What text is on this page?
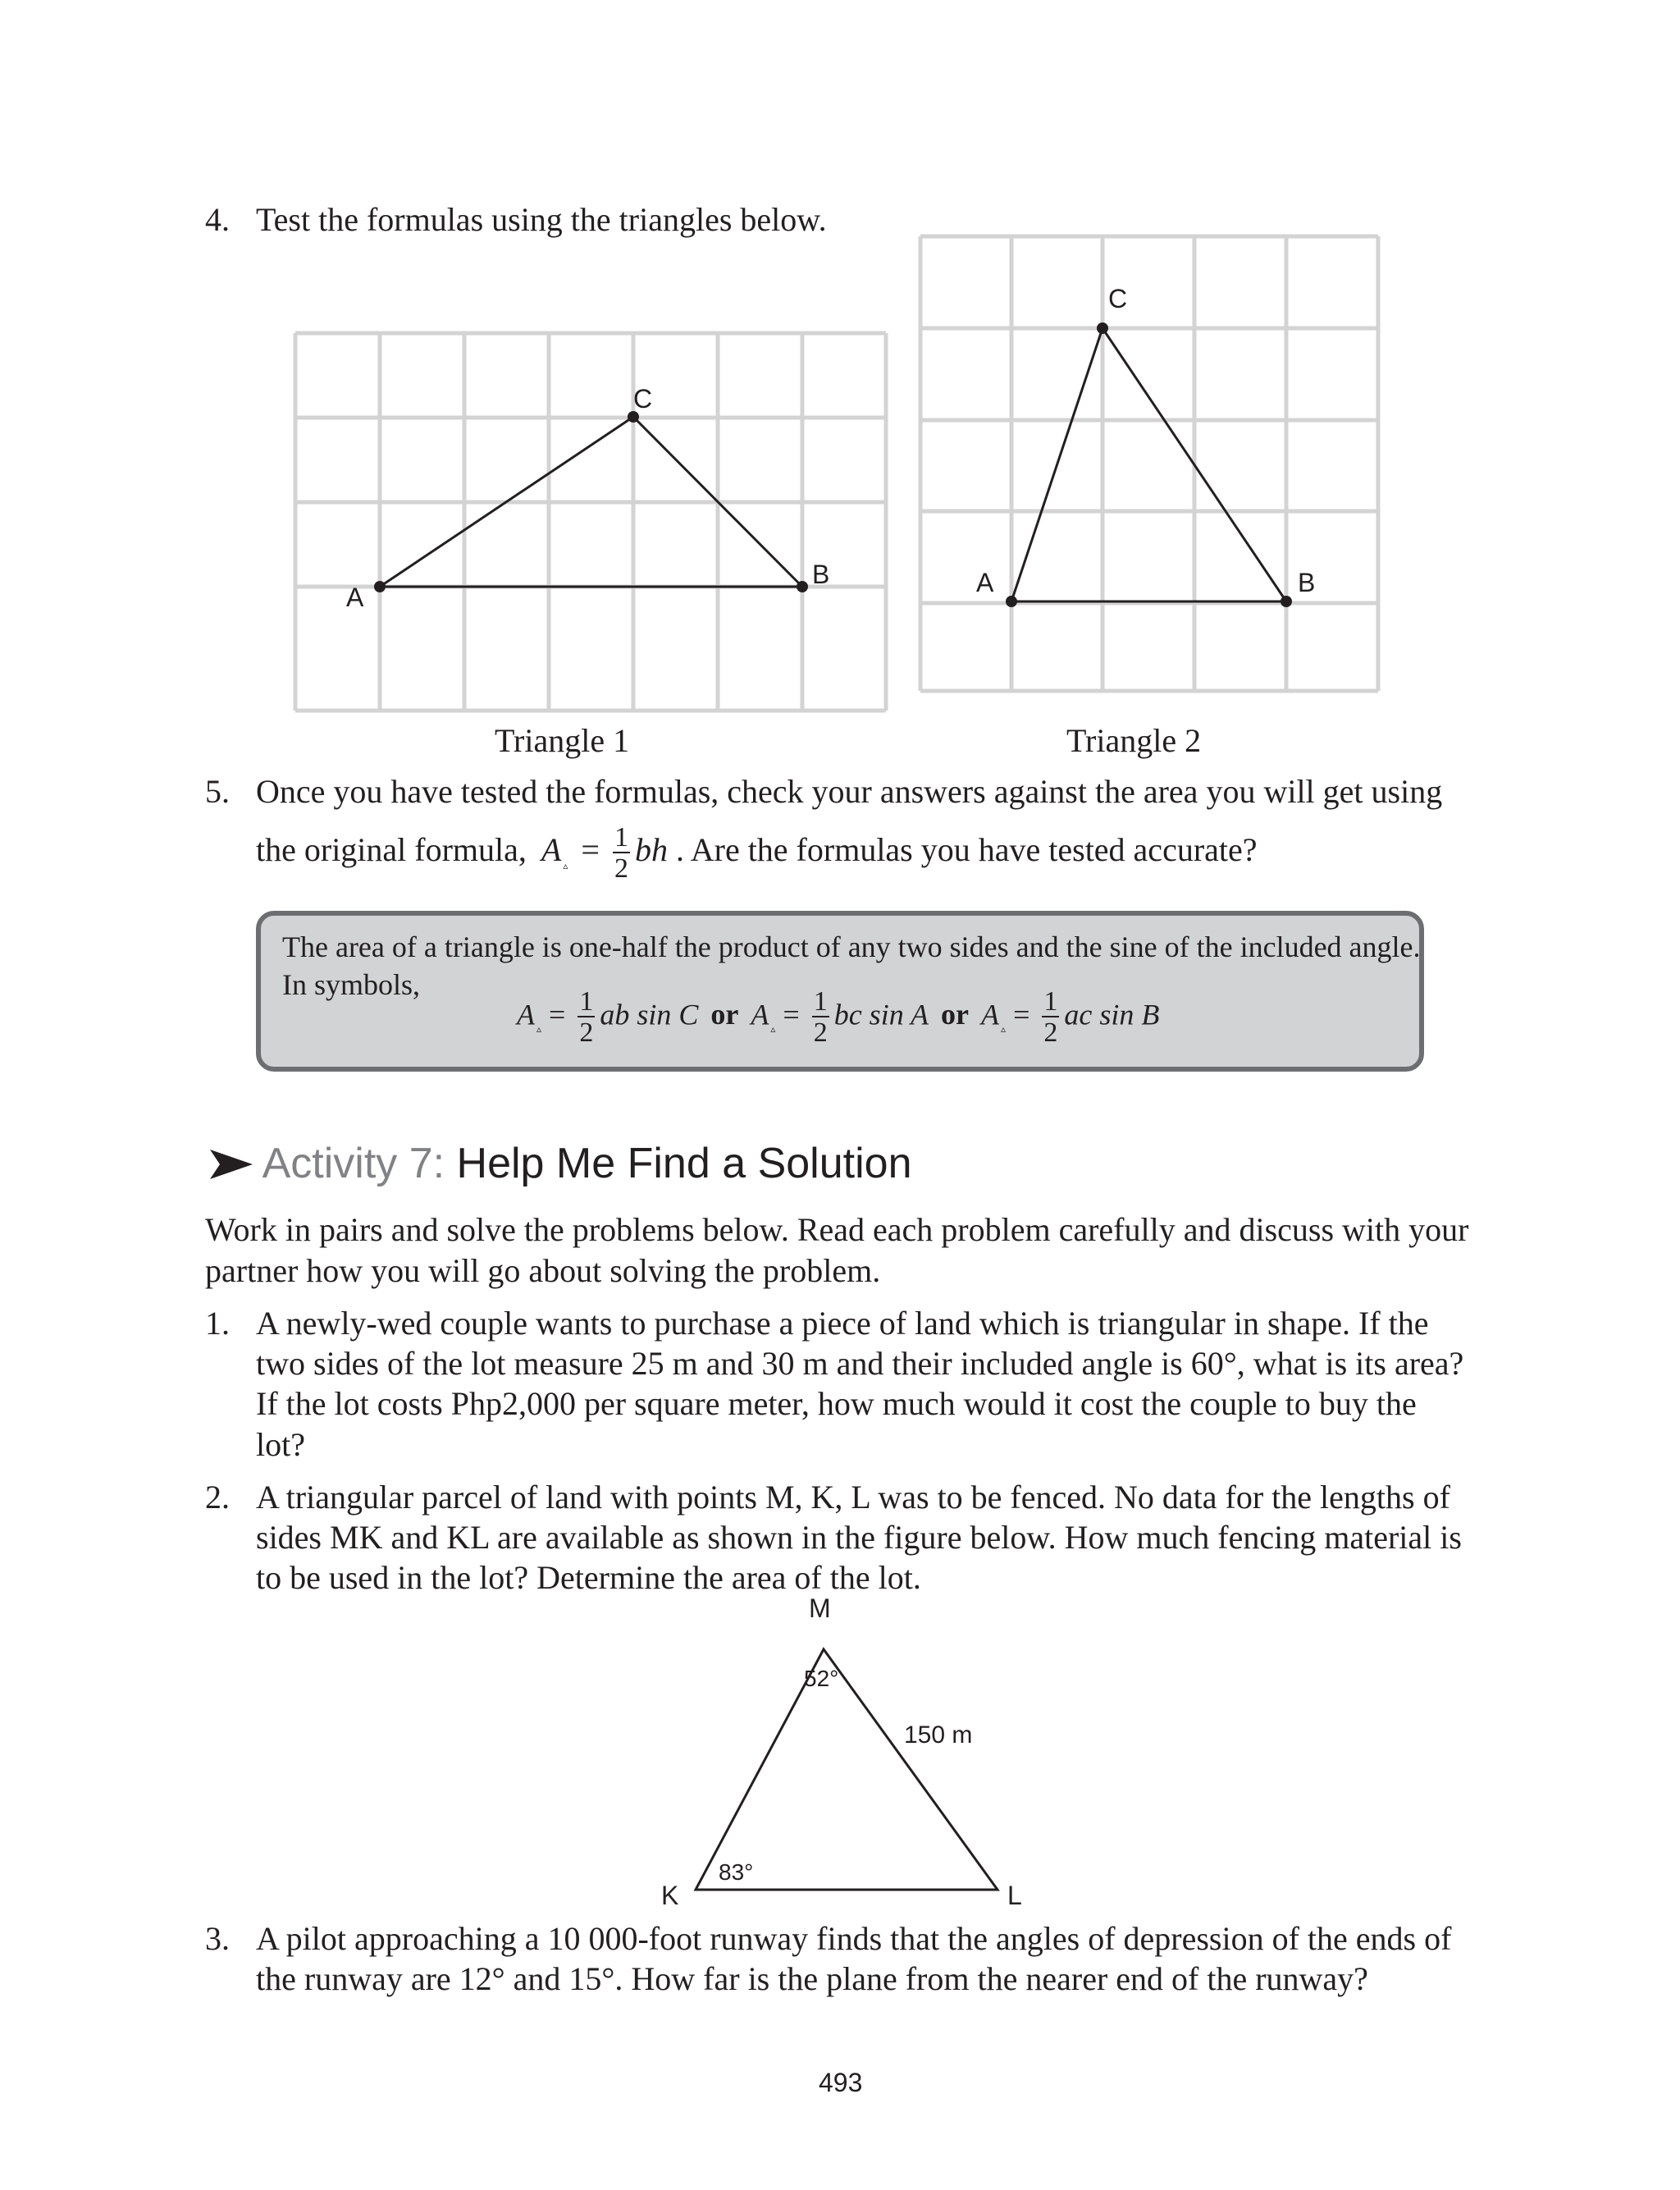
4. Test the formulas using the triangles below.
A
B
C
A	B
C
Triangle 1	Triangle 2
5. Once you have tested the formulas, check your answers against the area you will get using
the original formula, A $_▵ = \frac{1}{2}$ bh . Are the formulas you have tested accurate?
The area of a triangle is one-half the product of any two sides and the sine of the included angle.
In symbols,
A $_▵ = \frac{1}{2}$ ab sin C or A $_▵ = \frac{1}{2}$ bc sin A or A $_▵ = \frac{1}{2}$ ac sin B
Activity 7: Help Me Find a Solution
Work in pairs and solve the problems below. Read each problem carefully and discuss with your
partner how you will go about solving the problem.
1. A newly-wed couple wants to purchase a piece of land which is triangular in shape. If the
two sides of the lot measure 25 m and 30 m and their included angle is 60°, what is its area?
If the lot costs Php2,000 per square meter, how much would it cost the couple to buy the
lot?
2. A triangular parcel of land with points M, K, L was to be fenced. No data for the lengths of
sides MK and KL are available as shown in the figure below. How much fencing material is
to be used in the lot? Determine the area of the lot.
M
K	L
52°
83°
150 m
3. A pilot approaching a 10 000-foot runway finds that the angles of depression of the ends of
the runway are 12° and 15°. How far is the plane from the nearer end of the runway?
493
